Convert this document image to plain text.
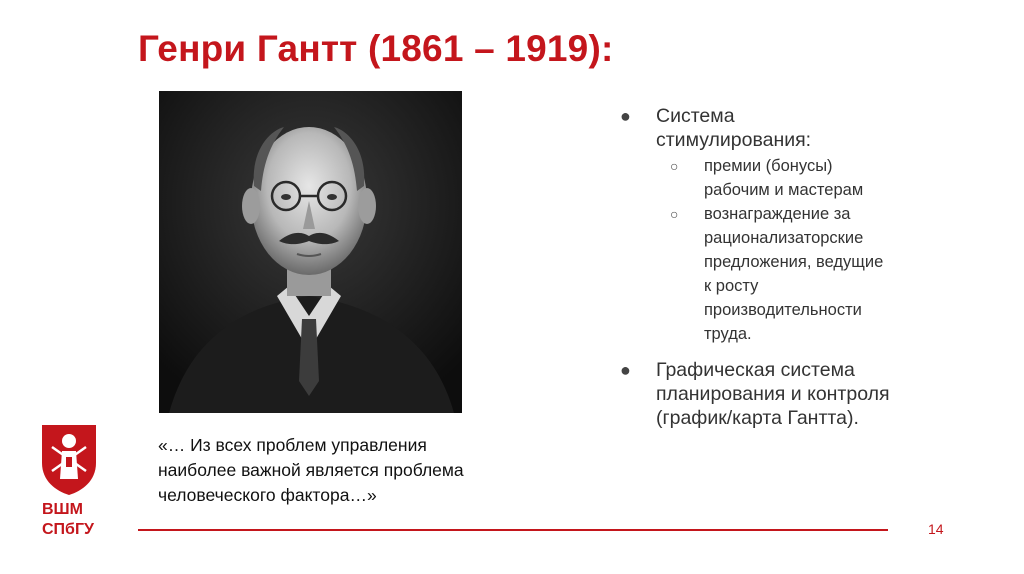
Генри Гантт (1861 – 1919):
«… Из всех проблем управления
наиболее важной является проблема
человеческого фактора…»
● Система
стимулирования:
○ премии (бонусы)
рабочим и мастерам
○ вознаграждение за
рационализаторские
предложения, ведущие
к росту
производительности
труда.
● Графическая система
планирования и контроля
(график/карта Гантта).
ВШМ
СПбГУ	14
